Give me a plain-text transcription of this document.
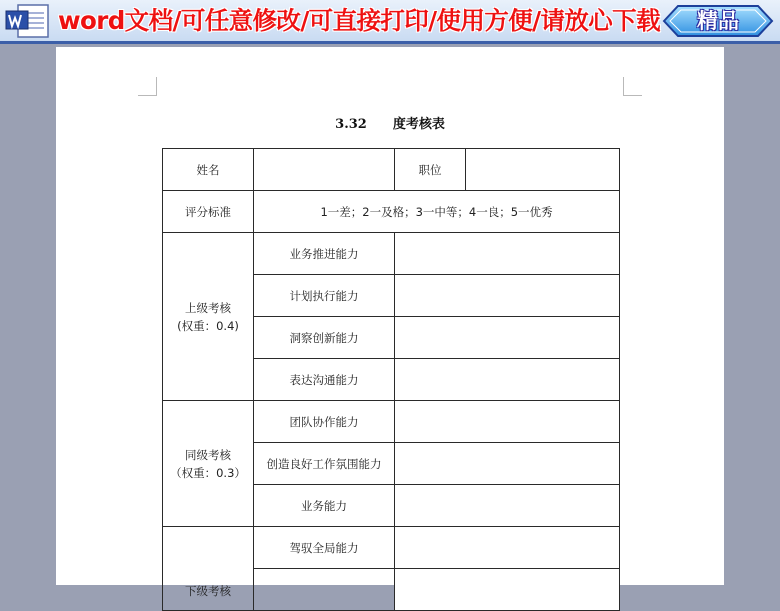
word文档/可任意修改/可直接打印/使用方便/请放心下载	精品
3.32 度考核表
姓名		职位	
评分标准	1一差；2一及格；3一中等；4一良；5一优秀		

上级考核
(权重：0.4)	业务推进能力		
	计划执行能力		
	洞察创新能力		
	表达沟通能力		

同级考核
（权重：0.3）	团队协作能力		
	创造良好工作氛围能力		
	业务能力		

下级考核	驾驭全局能力		
